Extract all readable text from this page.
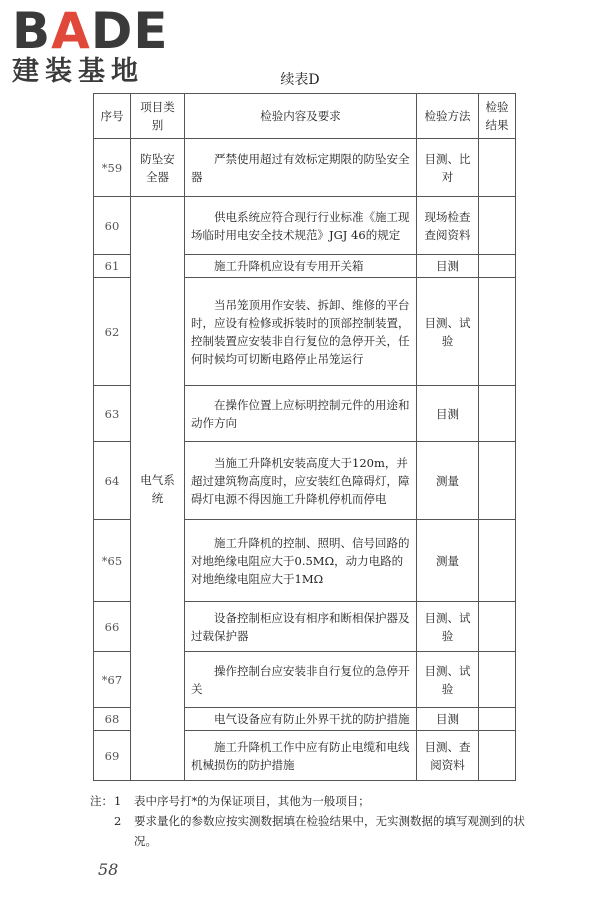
BADE
建装基地	续表D
序号	项目类别	检验内容及要求	检验方法	检验结果
*59	防坠安全器	严禁使用超过有效标定期限的防坠安全器	目测、比对	
60	电气系统	供电系统应符合现行行业标准《施工现场临时用电安全技术规范》JGJ 46的规定	现场检查查阅资料	
61		施工升降机应设有专用开关箱	目测	
62		当吊笼顶用作安装、拆卸、维修的平台时，应设有检修或拆装时的顶部控制装置，控制装置应安装非自行复位的急停开关，任何时候均可切断电路停止吊笼运行	目测、试验	
63		在操作位置上应标明控制元件的用途和动作方向	目测	
64		当施工升降机安装高度大于120m，并超过建筑物高度时，应安装红色障碍灯，障碍灯电源不得因施工升降机停机而停电	测量	
*65		施工升降机的控制、照明、信号回路的对地绝缘电阻应大于0.5MΩ，动力电路的对地绝缘电阻应大于1MΩ	测量	
66		设备控制柜应设有相序和断相保护器及过载保护器	目测、试验	
*67		操作控制台应安装非自行复位的急停开关	目测、试验	
68		电气设备应有防止外界干扰的防护措施	目测	
69		施工升降机工作中应有防止电缆和电线机械损伤的防护措施	目测、查阅资料	
注： 1	表中序号打*的为保证项目，其他为一般项目；
2	要求量化的参数应按实测数据填在检验结果中，无实测数据的填写观测到的状况。
58
